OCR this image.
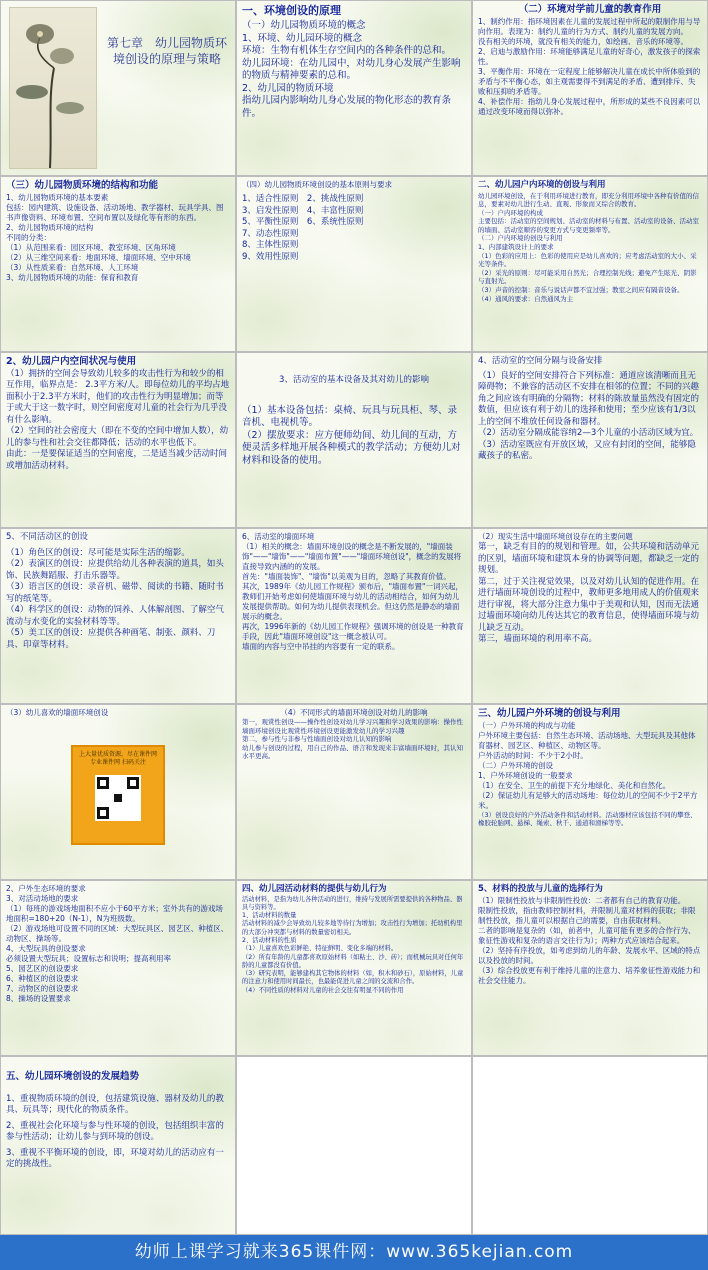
第七章　幼儿园物质环境创设的原理与策略

一、环境创设的原理

（一）幼儿园物质环境的概念

1、环境、幼儿园环境的概念

环境：生物有机体生存空间内的各种条件的总和。

幼儿园环境：在幼儿园中，对幼儿身心发展产生影响的物质与精神要素的总和。

2、幼儿园的物质环境

指幼儿园内影响幼儿身心发展的物化形态的教育条件。

（二）环境对学前儿童的教育作用

1、制约作用：指环境因素在儿童的发展过程中所起的限制作用与导向作用。表现为：制约儿童的行为方式、制约儿童的发展方向。

没有相关的环境，就没有相关的能力，如绘画、音乐的环境等。

2、启迪与激励作用：环境能够满足儿童的好奇心，激发孩子的探索性。

3、平衡作用：环境在一定程度上能够解决儿童在成长中所体验到的矛盾与不平衡心态，如主观需要得不到满足的矛盾、遭到排斥、失败和压抑的矛盾等。

4、补偿作用：指幼儿身心发展过程中，所形成的某些不良因素可以通过改变环境而得以弥补。

（三）幼儿园物质环境的结构和功能

1、幼儿园物质环境的基本要素

包括：园内建筑、设施设备、活动场地、教学器材、玩具学具、图书声像资料、环境布置、空间布置以及绿化等有形的东西。

2、幼儿园物质环境的结构

不同的分类：

（1）从范围来看：园区环境、教室环境、区角环境

（2）从三维空间来看：地面环境、墙面环境、空中环境

（3）从性质来看：自然环境、人工环境

3、幼儿园物质环境的功能：保育和教育

（四）幼儿园物质环境创设的基本原则与要求

1、适合性原则　2、挑战性原则

3、启发性原则　4、丰富性原则

5、平衡性原则　6、系统性原则

7、动态性原则

8、主体性原则

9、效用性原则

二、幼儿园户内环境的创设与利用

幼儿园环境创设，在于利用环境进行教育，即充分利用环境中各种有价值的信息，要素对幼儿进行生动、直观、形象而又综合的教育。

（一）户内环境的构成

主要包括：活动室的空间规划、活动室的材料与布置、活动室的设备、活动室的墙面、活动室顺容的变更方式与变更频率等。

（二）户内环境的创设与利用

1、内部建筑设计上的要求

（1）色彩的应用上：色彩的使用应是幼儿喜欢的；应考虑活动室的大小、采光等条件。

（2）采光的原则：尽可能采用自然光；合理控制光线；避免产生眩光、阴影与直射光。

（3）声音的控制：音乐与说话声都不宜过强；教室之间应有隔音设备。

（4）通风的要求：自然通风为主

2、幼儿园户内空间状况与使用

（1）拥挤的空间会导致幼儿较多的攻击性行为和较少的相互作用，临界点是： 2.3平方米/人。即每位幼儿的平均占地面积小于2.3平方米时，他们的攻击性行为明显增加；而等于或大于这一数字时，则空间密度对儿童的社会行为几乎没有什么影响。

（2）空间的社会密度大（即在不变的空间中增加人数），幼儿的参与性和社会交往都降低；活动的水平也低下。

由此：一是要保证适当的空间密度，二是适当减少活动时间或增加活动材料。

3、活动室的基本设备及其对幼儿的影响

（1）基本设备包括：桌椅、玩具与玩具柜、琴、录音机、电视机等。

（2）摆放要求：应方便师幼间、幼儿间的互动，方便灵活多样地开展各种模式的教学活动；方便幼儿对材料和设备的使用。

4、活动室的空间分隔与设备安排

（1）良好的空间安排符合下列标准：通道应该清晰而且无障碍物；不兼容的活动区不安排在相邻的位置；不同的兴趣角之间应该有明确的分隔物；材料的陈放量虽然没有固定的数值，但应该有利于幼儿的选择和使用；至少应该有1/3以上的空间不堆放任何设备和器材。

（2）活动室分隔成能容纳2—3个儿童的小活动区域为宜。

（3）活动室既应有开放区域，又应有封闭的空间，能够隐藏孩子的私密。

5、不同活动区的创设

（1）角色区的创设：尽可能是实际生活的缩影。

（2）表演区的创设：应提供给幼儿各种表演的道具，如头饰、民族舞蹈服、打击乐器等。

（3）语言区的创设：录音机、磁带、阅读的书籍、随时书写的纸笔等。

（4）科学区的创设：动物的饲养、人体解剖图、了解空气流动与水变化的实验材料等等。

（5）美工区的创设：应提供各种画笔、制张、颜料、刀具、印章等材料。

6、活动室的墙面环境

（1）相关的概念：墙面环境创设的概念是不断发展的，"墙面装饰"——"墙饰"——"墙面布置"——"墙面环境创设"，概念的发展将直接导致内涵的的发展。

首先："墙面装饰"、"墙饰"以美观为目的，忽略了其教育价值。

其次，1989年《幼儿园工作规程》颁布后，"墙面布置"一词兴起，教师们开始考虑如何使墙面环境与幼儿的活动相结合，如何为幼儿发展提供帮助。如何为幼儿提供表现机会。但这仍然是静态的墙面展示的概念。

再次，1996年新的《幼儿园工作规程》强调环境的创设是一种教育手段，因此"墙面环境创设"这一概念被认可。

墙面的内容与空中吊挂的内容要有一定的联系。

（2）现实生活中墙面环境创设存在的主要问题

第一，缺乏有目的的规划和管理。如，公共环境和活动单元的区别，墙面环境和建筑本身的协调等问题，都缺乏一定的规划。

第二，过于关注视觉效果，以及对幼儿认知的促进作用。在进行墙面环境创设的过程中，教师更多地用成人的价值观来进行审视，将大部分注意力集中于美观和认知，因而无法通过墙面环境向幼儿传达其它的教育信息，使得墙面环境与幼儿缺乏互动。

第三，墙面环境的利用率不高。

（3）幼儿喜欢的墙面环境创设

上大量优质资源，尽在课件网专业课件网 扫码关注

（4）不同形式的墙面环境创设对幼儿的影响

第一，观赏性创设——操作性创设对幼儿学习兴趣和学习效果的影响：操作性墙面环境创设比观赏性环境创设更能激发幼儿的学习兴趣

第二，参与性与非参与性墙面创设对幼儿认知的影响

幼儿参与创设的过程，用自己的作品、语言和发现来丰富墙面环境时，其认知水平更高。

三、幼儿园户外环境的创设与利用

（一）户外环境的构成与功能

户外环境主要包括：自然生态环境、活动场地、大型玩具及其他体育器材、园艺区、种植区、动物区等。

户外活动的时间：不少于2小时。

（二）户外环境的创设

1、户外环境创设的一般要求

（1）在安全、卫生的前提下充分地绿化、美化和自然化。

（2）保证幼儿有足够大的活动场地：每位幼儿的空间不少于2平方米。

（3）创设良好的户外活动条件和活动材料。活动器材应该包括不同的攀登、橡胶轮胎网、悬梯、绳索、秋千、通道和滑梯等等。

2、户外生态环境的要求

3、对活动场地的要求

（1）每班的游戏场地面积不应小于60平方米；室外共有的游戏场地面积=180+20（N-1），N为班级数。

（2）游戏场地可设置不同的区域：大型玩具区、园艺区、种植区、动物区、操场等。

4、大型玩具的创设要求

必须设置大型玩具；设置标志和说明；提高利用率

5、园艺区的创设要求

6、种植区的创设要求

7、动物区的创设要求

8、操场的设置要求

四、幼儿园活动材料的提供与幼儿行为

活动材料，是指为幼儿各种活动的进行，维持与发展所需要提供的各种物品、器具与资料等。

1、活动材料的数量

活动材料的减少会导致幼儿较多地等待行为增加；攻击性行为增加；托幼机构里的大部分冲突都与材料的数量密切相关。

2、活动材料的性质

（1）儿童喜欢色彩鲜艳、特征鲜明、变化多端的材料。

（2）所有年龄的儿童都喜欢原始材料（如粘土、沙、砖）；而机械玩具对任何年龄的儿童都没有价值。

（3）研究表明，能够建构其它物体的材料（如，积木和砂石），原始材料，儿童的注意力和使用时间最长，也最能促进儿童之间的交流和合作。

（4）不同性质的材料对儿童的社会交往有明显不同的作用

5、材料的投放与儿童的选择行为

（1）限制性投放与非限制性投放：二者都有自己的教育功能。

限制性投放，指由教师控制材料，并限制儿童对材料的获取；非限制性投放，指儿童可以根据自己的需要，自由获取材料。

二者的影响是复杂的（如，前者中，儿童可能有更多的合作行为、象征性游戏和复杂的语言交往行为）；两种方式应该结合起来。

（2）坚持有序投放，如考虑到幼儿的年龄、发展水平、区域的特点以及投放的时间。

（3）综合投放更有利于维持儿童的注意力、培养象征性游戏能力和社会交往能力。

五、幼儿园环境创设的发展趋势

1、重视物质环境的创设，包括建筑设施、器材及幼儿的教具、玩具等；现代化的物质条件。

2、重视社会化环境与参与性环境的创设，包括组织丰富的参与性活动；让幼儿参与到环境的创设。

3、重视不平衡环境的创设，即，环境对幼儿的活动应有一定的挑战性。

幼师上课学习就来365课件网：www.365kejian.com
